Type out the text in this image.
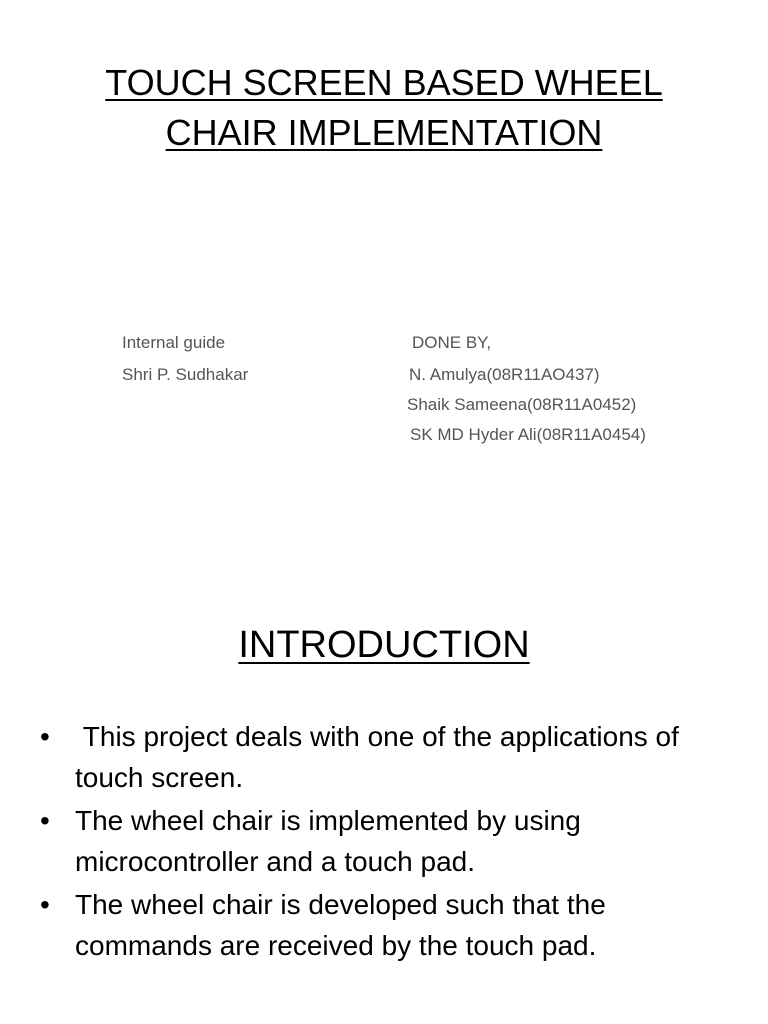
TOUCH SCREEN BASED WHEEL
CHAIR IMPLEMENTATION
Internal guide
Shri P. Sudhakar
DONE BY,
N. Amulya(08R11AO437)
Shaik Sameena(08R11A0452)
SK MD Hyder Ali(08R11A0454)
INTRODUCTION
• This project deals with one of the applications of touch screen.
• The wheel chair is implemented by using microcontroller and a touch pad.
• The wheel chair is developed such that the commands are received by the touch pad.
